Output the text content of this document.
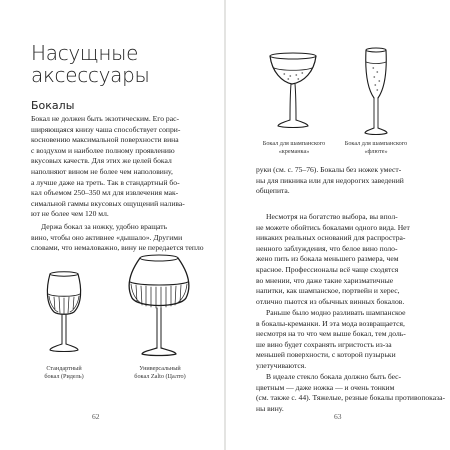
Насущные
аксессуары
Бокалы

Бокал не должен быть экзотическим. Его рас-
ширяющаяся книзу чаша способствует сопри-
косновению максимальной поверхности вина
с воздухом и наиболее полному проявлению
вкусовых качеств. Для этих же целей бокал
наполняют вином не более чем наполовину,
а лучше даже на треть. Так в стандартный бо-
кал объемом 250–350 мл для извлечения мак-
симальной гаммы вкусовых ощущений налива-
ют не более чем 120 мл.

Держа бокал за ножку, удобно вращать
вино, чтобы оно активнее «дышало». Другими
словами, что немаловажно, вину не передается тепло

Стандартный
бокал (Ридель)
Универсальный
бокал Zalto (Цалто)
62
Бокал для шампанского
«креманка»
Бокал для шампанского
«флюте»

руки (см. с. 75–76). Бокалы без ножек умест-
ны для пикника или для недорогих заведений
общепита.

Несмотря на богатство выбора, вы впол-
не можете обойтись бокалами одного вида. Нет
никаких реальных оснований для распростра-
ненного заблуждения, что белое вино поло-
жено пить из бокала меньшего размера, чем
красное. Профессионалы всё чаще сходятся
во мнении, что даже такие харизматичные
напитки, как шампанское, портвейн и херес,
отлично пьются из обычных винных бокалов.

Раньше было модно разливать шампанское
в бокалы-креманки. И эта мода возвращается,
несмотря на то что чем выше бокал, тем доль-
ше вино будет сохранять игристость из-за
меньшей поверхности, с которой пузырьки
улетучиваются.

В идеале стекло бокала должно быть бес-
цветным — даже ножка — и очень тонким
(см. также с. 44). Тяжелые, резные бокалы противопоказа-
ны вину.

63
